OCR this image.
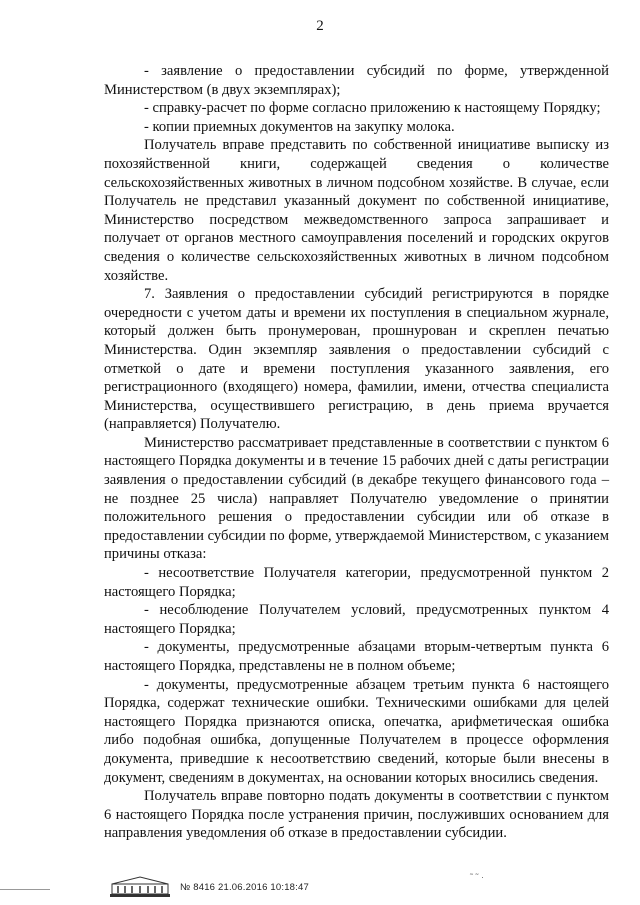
2

- заявление о предоставлении субсидий по форме, утвержденной Министерством (в двух экземплярах);

- справку-расчет по форме согласно приложению к настоящему Порядку;

- копии приемных документов на закупку молока.

Получатель вправе представить по собственной инициативе выписку из похозяйственной книги, содержащей сведения о количестве сельскохозяйственных животных в личном подсобном хозяйстве. В случае, если Получатель не представил указанный документ по собственной инициативе, Министерство посредством межведомственного запроса запрашивает и получает от органов местного самоуправления поселений и городских округов сведения о количестве сельскохозяйственных животных в личном подсобном хозяйстве.

7. Заявления о предоставлении субсидий регистрируются в порядке очередности с учетом даты и времени их поступления в специальном журнале, который должен быть пронумерован, прошнурован и скреплен печатью Министерства. Один экземпляр заявления о предоставлении субсидий с отметкой о дате и времени поступления указанного заявления, его регистрационного (входящего) номера, фамилии, имени, отчества специалиста Министерства, осуществившего регистрацию, в день приема вручается (направляется) Получателю.

Министерство рассматривает представленные в соответствии с пунктом 6 настоящего Порядка документы и в течение 15 рабочих дней с даты регистрации заявления о предоставлении субсидий (в декабре текущего финансового года – не позднее 25 числа) направляет Получателю уведомление о принятии положительного решения о предоставлении субсидии или об отказе в предоставлении субсидии по форме, утверждаемой Министерством, с указанием причины отказа:

- несоответствие Получателя категории, предусмотренной пунктом 2 настоящего Порядка;

- несоблюдение Получателем условий, предусмотренных пунктом 4 настоящего Порядка;

- документы, предусмотренные абзацами вторым-четвертым пункта 6 настоящего Порядка, представлены не в полном объеме;

- документы, предусмотренные абзацем третьим пункта 6 настоящего Порядка, содержат технические ошибки. Техническими ошибками для целей настоящего Порядка признаются описка, опечатка, арифметическая ошибка либо подобная ошибка, допущенные Получателем в процессе оформления документа, приведшие к несоответствию сведений, которые были внесены в документ, сведениям в документах, на основании которых вносились сведения.

Получатель вправе повторно подать документы в соответствии с пунктом 6 настоящего Порядка после устранения причин, послуживших основанием для направления уведомления об отказе в предоставлении субсидии.

№ 8416 21.06.2016 10:18:47
˜ ˜ ·
